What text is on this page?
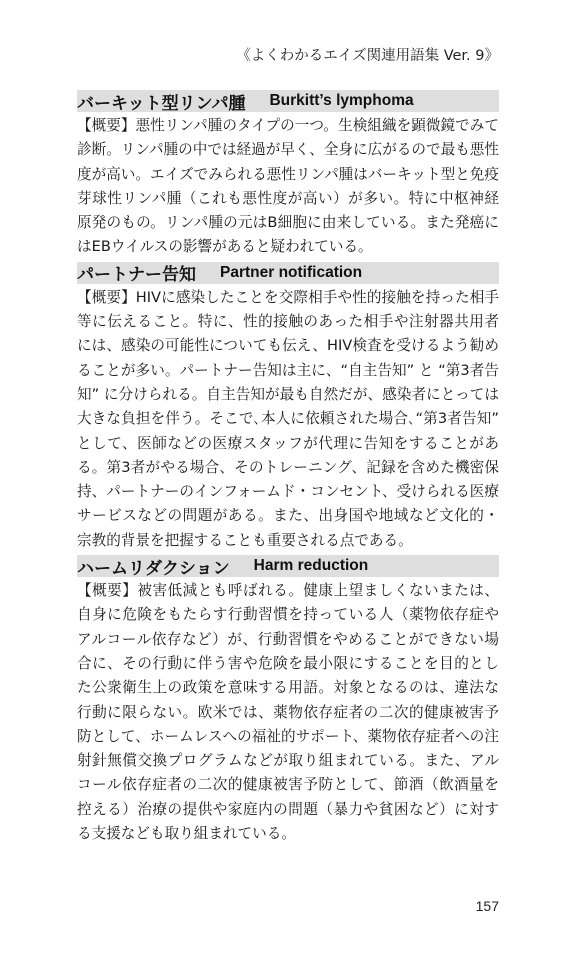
《よくわかるエイズ関連用語集 Ver. 9》
バーキット型リンパ腫 Burkitt’s lymphoma

【概要】悪性リンパ腫のタイプの一つ。生検組織を顕微鏡でみて診断。リンパ腫の中では経過が早く、全身に広がるので最も悪性度が高い。エイズでみられる悪性リンパ腫はバーキット型と免疫芽球性リンパ腫（これも悪性度が高い）が多い。特に中枢神経原発のもの。リンパ腫の元はB細胞に由来している。また発癌にはEBウイルスの影響があると疑われている。

パートナー告知 Partner notification

【概要】HIVに感染したことを交際相手や性的接触を持った相手等に伝えること。特に、性的接触のあった相手や注射器共用者には、感染の可能性についても伝え、HIV検査を受けるよう勧めることが多い。パートナー告知は主に、“自主告知” と “第3者告知” に分けられる。自主告知が最も自然だが、感染者にとっては大きな負担を伴う。そこで､本人に依頼された場合､“第3者告知” として、医師などの医療スタッフが代理に告知をすることがある。第3者がやる場合、そのトレーニング、記録を含めた機密保持、パートナーのインフォームド・コンセント、受けられる医療サービスなどの問題がある。また、出身国や地域など文化的・宗教的背景を把握することも重要される点である。

ハームリダクション Harm reduction

【概要】被害低減とも呼ばれる。健康上望ましくないまたは、自身に危険をもたらす行動習慣を持っている人（薬物依存症やアルコール依存など）が、行動習慣をやめることができない場合に、その行動に伴う害や危険を最小限にすることを目的とした公衆衛生上の政策を意味する用語。対象となるのは、違法な行動に限らない。欧米では、薬物依存症者の二次的健康被害予防として、ホームレスへの福祉的サポート、薬物依存症者への注射針無償交換プログラムなどが取り組まれている。また、アルコール依存症者の二次的健康被害予防として、節酒（飲酒量を控える）治療の提供や家庭内の問題（暴力や貧困など）に対する支援なども取り組まれている。

157
